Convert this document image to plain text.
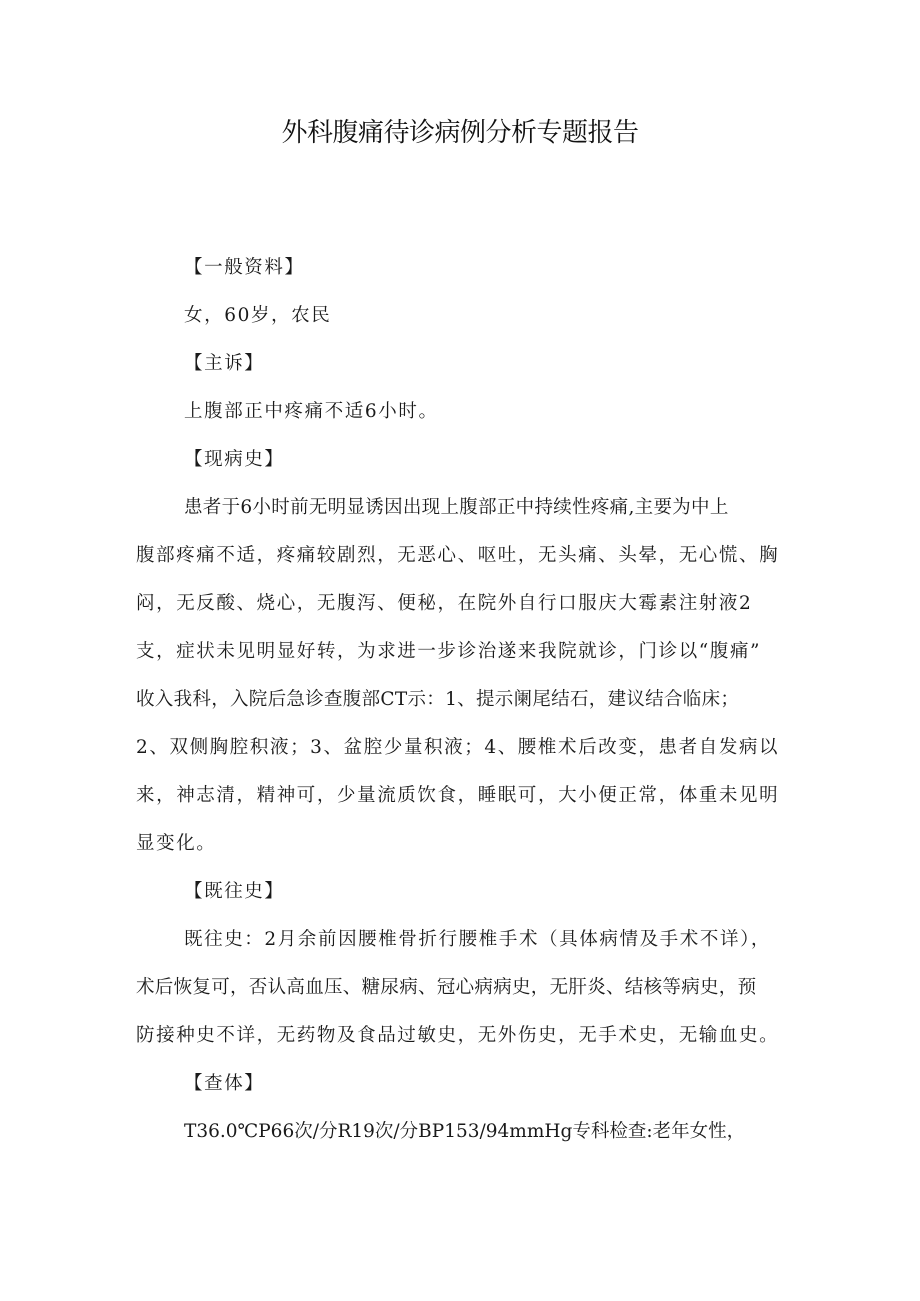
外科腹痛待诊病例分析专题报告
【一般资料】
女，60岁，农民
【主诉】
上腹部正中疼痛不适6小时。
【现病史】
患者于6小时前无明显诱因出现上腹部正中持续性疼痛,主要为中上
腹部疼痛不适，疼痛较剧烈，无恶心、呕吐，无头痛、头晕，无心慌、胸
闷，无反酸、烧心，无腹泻、便秘，在院外自行口服庆大霉素注射液2
支，症状未见明显好转，为求进一步诊治遂来我院就诊，门诊以“腹痛”
收入我科，入院后急诊查腹部CT示：1、提示阑尾结石，建议结合临床；
2、双侧胸腔积液；3、盆腔少量积液；4、腰椎术后改变，患者自发病以
来，神志清，精神可，少量流质饮食，睡眠可，大小便正常，体重未见明
显变化。
【既往史】
既往史：2月余前因腰椎骨折行腰椎手术（具体病情及手术不详），
术后恢复可，否认高血压、糖尿病、冠心病病史，无肝炎、结核等病史，预
防接种史不详，无药物及食品过敏史，无外伤史，无手术史，无输血史。
【查体】
T36.0℃P66次/分R19次/分BP153/94mmHg专科检查:老年女性，
